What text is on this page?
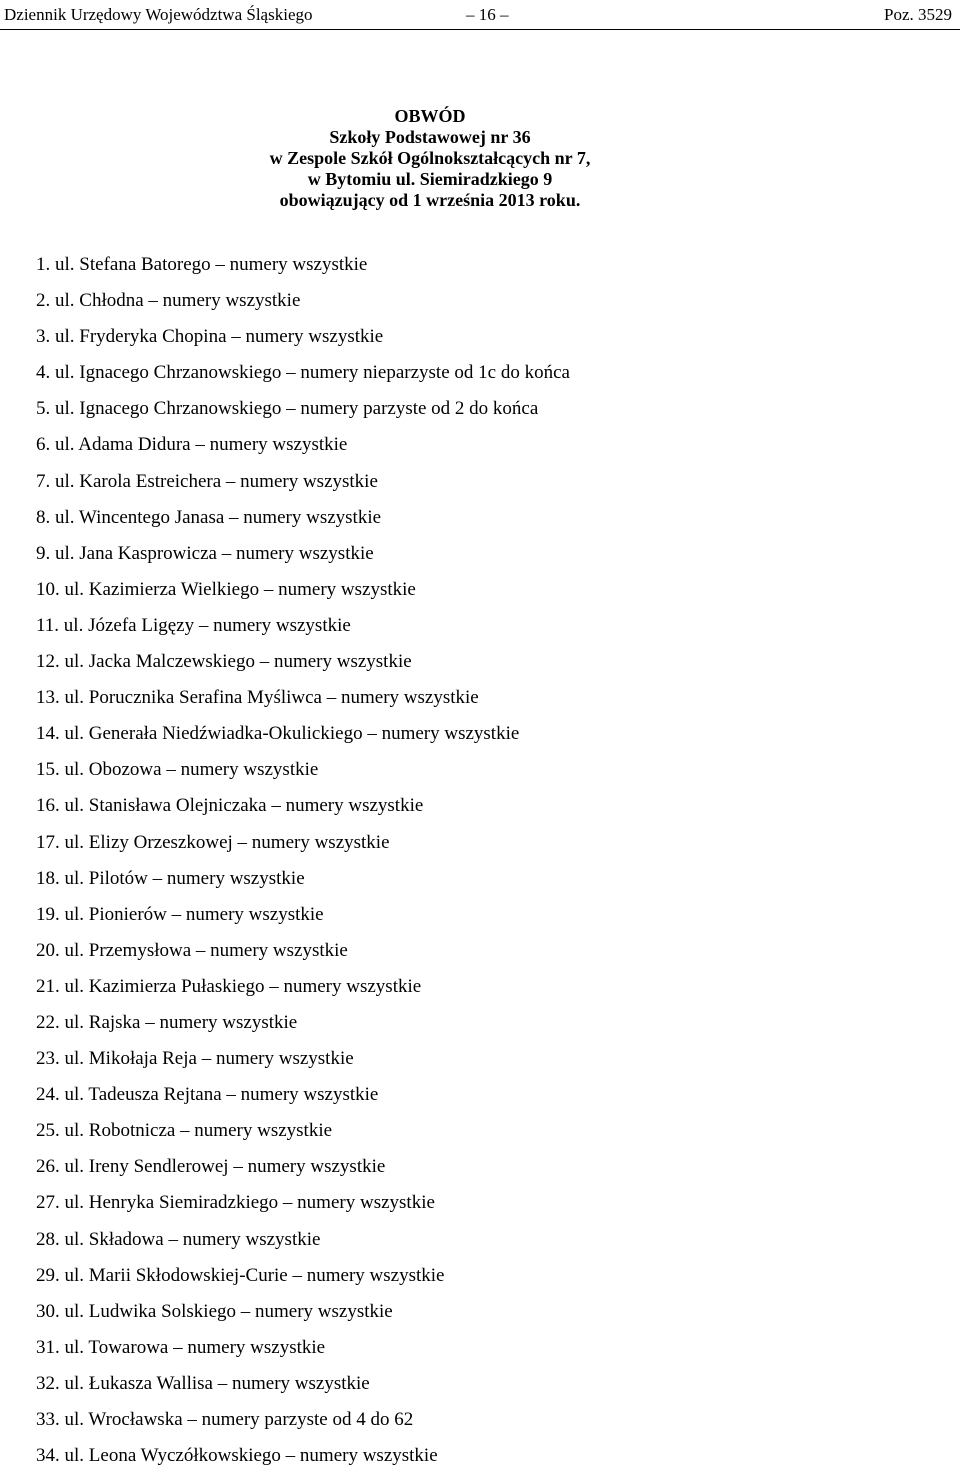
Dziennik Urzędowy Województwa Śląskiego	– 16 –	Poz. 3529
OBWÓD
Szkoły Podstawowej nr 36
w Zespole Szkół Ogólnokształcących nr 7,
w Bytomiu ul. Siemiradzkiego 9
obowiązujący od 1 września 2013 roku.
1. ul. Stefana Batorego – numery wszystkie
2. ul. Chłodna – numery wszystkie
3. ul. Fryderyka Chopina – numery wszystkie
4. ul. Ignacego Chrzanowskiego – numery nieparzyste od 1c do końca
5. ul. Ignacego Chrzanowskiego – numery parzyste od 2 do końca
6. ul. Adama Didura – numery wszystkie
7. ul. Karola Estreichera – numery wszystkie
8. ul. Wincentego Janasa – numery wszystkie
9. ul. Jana Kasprowicza – numery wszystkie
10. ul. Kazimierza Wielkiego – numery wszystkie
11. ul. Józefa Ligęzy – numery wszystkie
12. ul. Jacka Malczewskiego – numery wszystkie
13. ul. Porucznika Serafina Myśliwca – numery wszystkie
14. ul. Generała Niedźwiadka-Okulickiego – numery wszystkie
15. ul. Obozowa – numery wszystkie
16. ul. Stanisława Olejniczaka – numery wszystkie
17. ul. Elizy Orzeszkowej – numery wszystkie
18. ul. Pilotów – numery wszystkie
19. ul. Pionierów – numery wszystkie
20. ul. Przemysłowa – numery wszystkie
21. ul. Kazimierza Pułaskiego – numery wszystkie
22. ul. Rajska – numery wszystkie
23. ul. Mikołaja Reja – numery wszystkie
24. ul. Tadeusza Rejtana – numery wszystkie
25. ul. Robotnicza – numery wszystkie
26. ul. Ireny Sendlerowej – numery wszystkie
27. ul. Henryka Siemiradzkiego – numery wszystkie
28. ul. Składowa – numery wszystkie
29. ul. Marii Skłodowskiej-Curie – numery wszystkie
30. ul. Ludwika Solskiego – numery wszystkie
31. ul. Towarowa – numery wszystkie
32. ul. Łukasza Wallisa – numery wszystkie
33. ul. Wrocławska – numery parzyste od 4 do 62
34. ul. Leona Wyczółkowskiego – numery wszystkie
